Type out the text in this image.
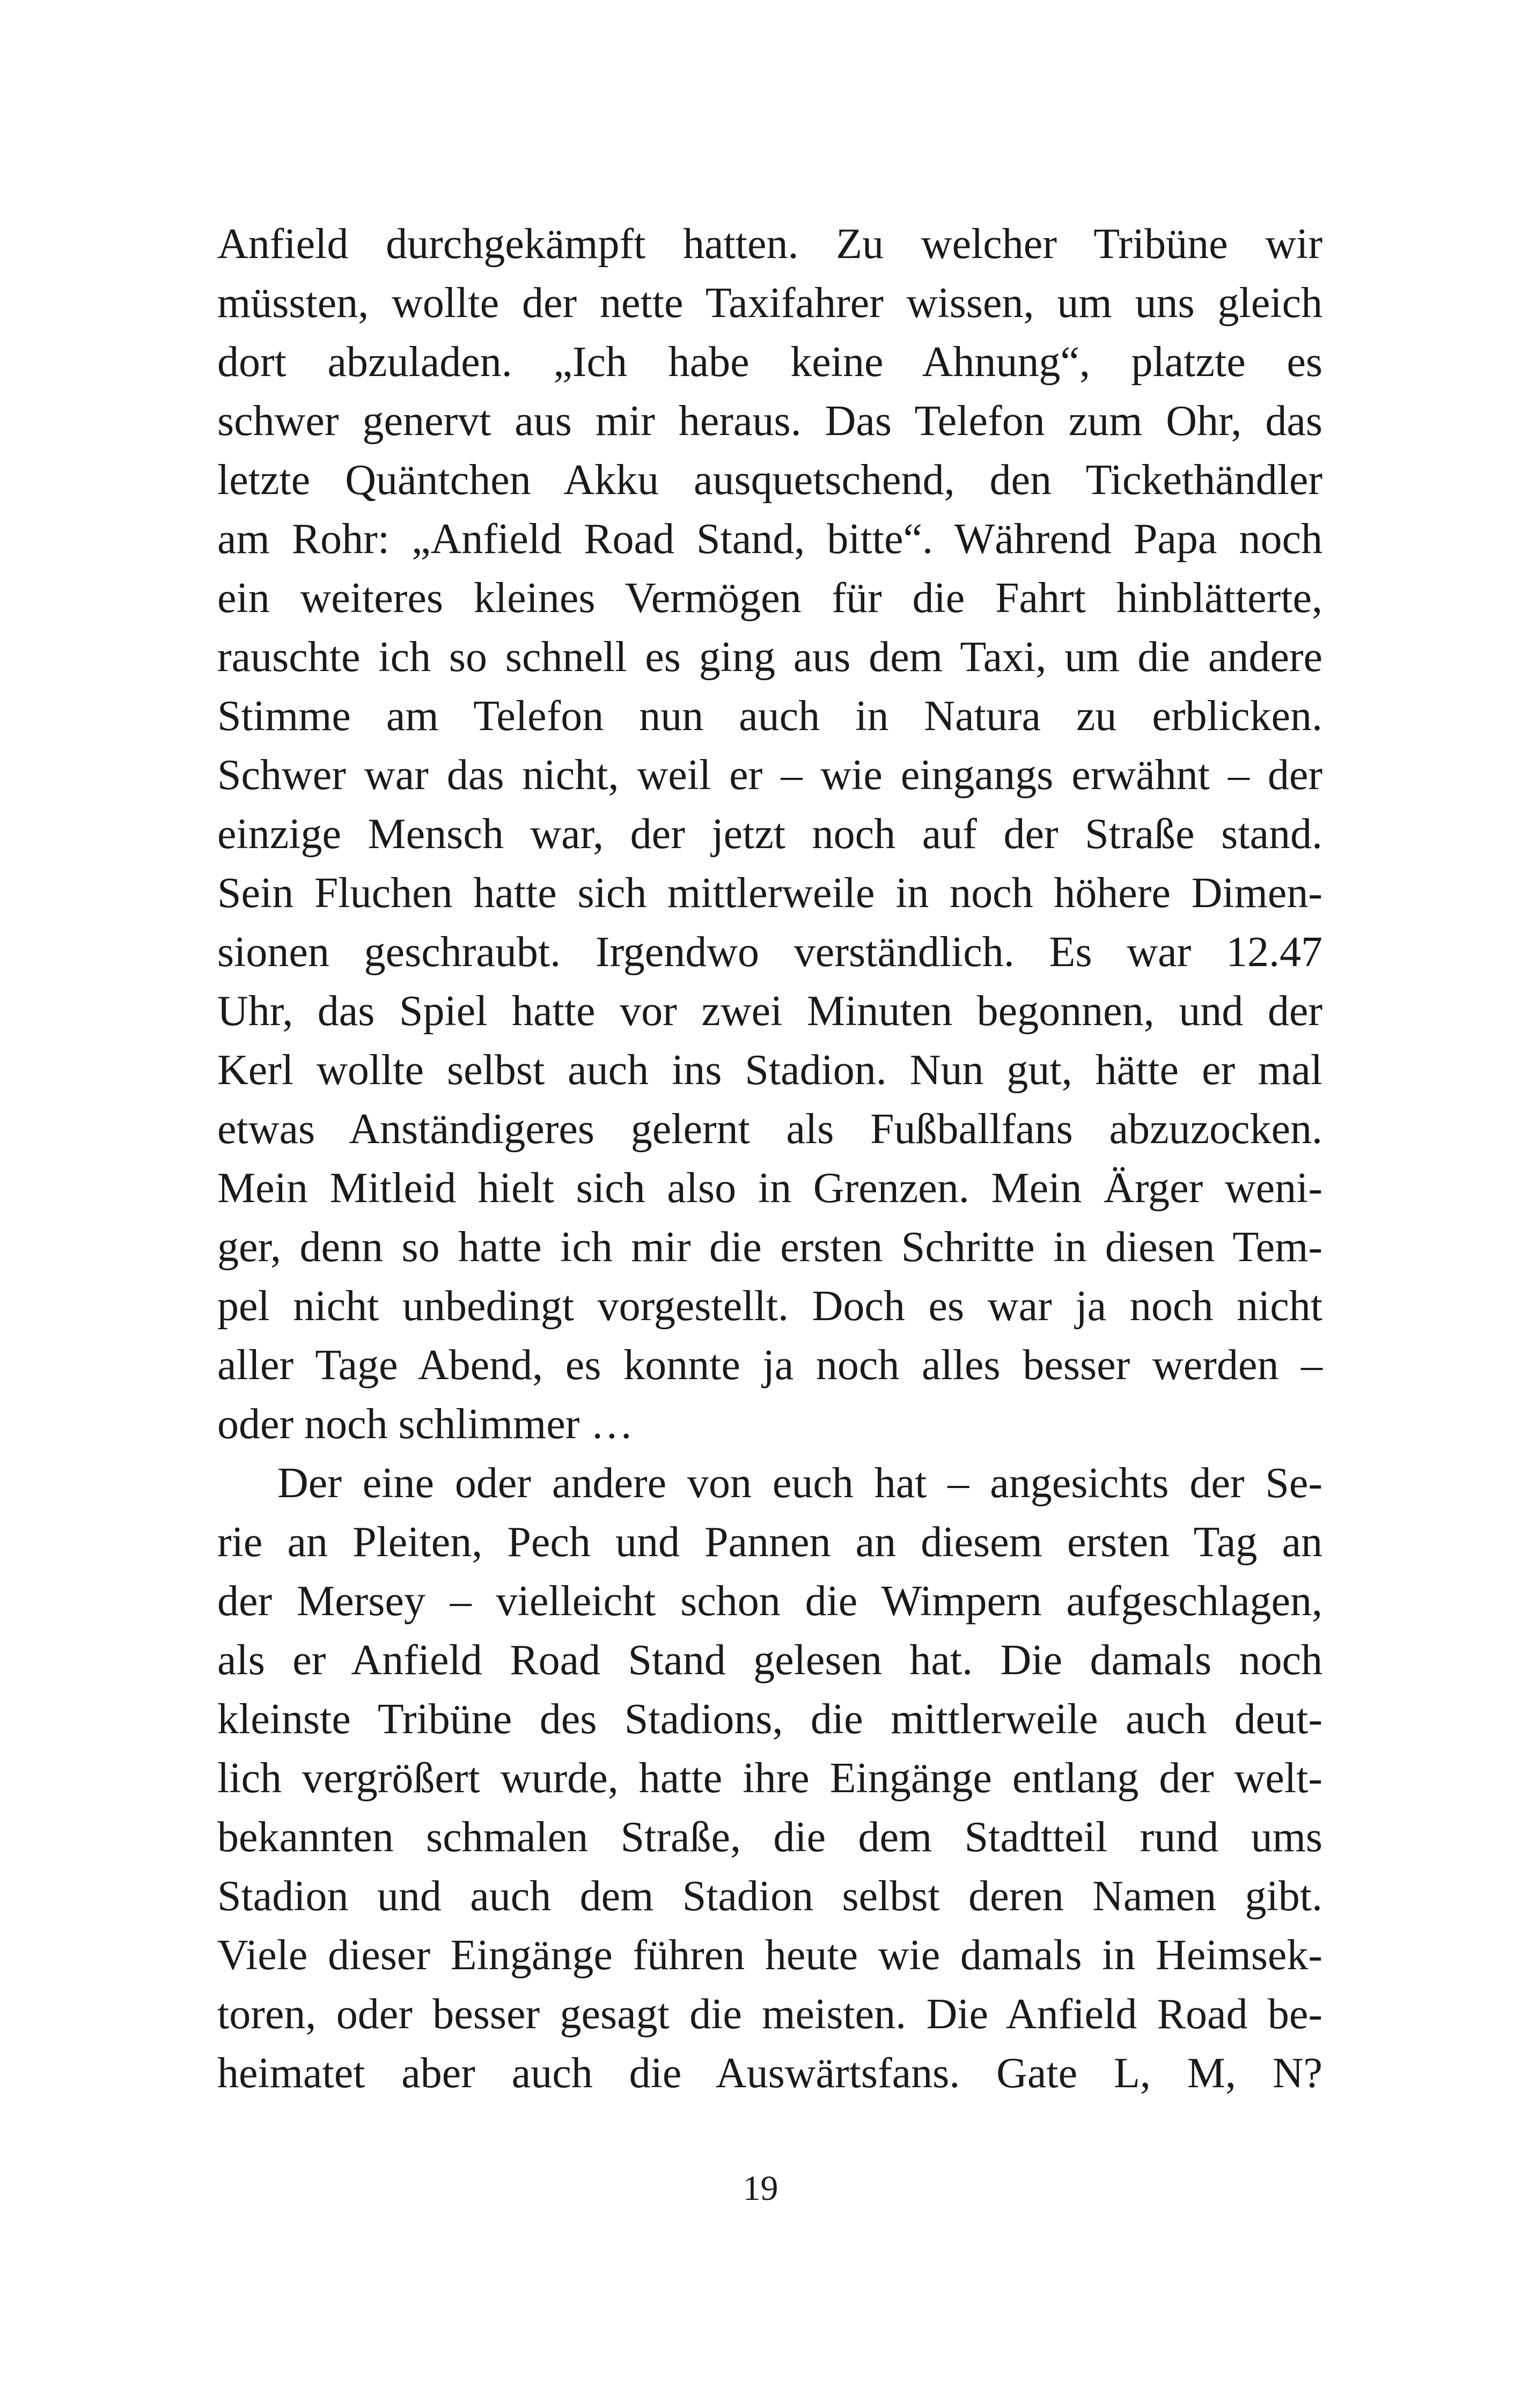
Anfield durchgekämpft hatten. Zu welcher Tribüne wir
müssten, wollte der nette Taxifahrer wissen, um uns gleich
dort abzuladen. „Ich habe keine Ahnung“, platzte es
schwer genervt aus mir heraus. Das Telefon zum Ohr, das
letzte Quäntchen Akku ausquetschend, den Tickethändler
am Rohr: „Anfield Road Stand, bitte“. Während Papa noch
ein weiteres kleines Vermögen für die Fahrt hinblätterte,
rauschte ich so schnell es ging aus dem Taxi, um die andere
Stimme am Telefon nun auch in Natura zu erblicken.
Schwer war das nicht, weil er – wie eingangs erwähnt – der
einzige Mensch war, der jetzt noch auf der Straße stand.
Sein Fluchen hatte sich mittlerweile in noch höhere Dimen-
sionen geschraubt. Irgendwo verständlich. Es war 12.47
Uhr, das Spiel hatte vor zwei Minuten begonnen, und der
Kerl wollte selbst auch ins Stadion. Nun gut, hätte er mal
etwas Anständigeres gelernt als Fußballfans abzuzocken.
Mein Mitleid hielt sich also in Grenzen. Mein Ärger weni-
ger, denn so hatte ich mir die ersten Schritte in diesen Tem-
pel nicht unbedingt vorgestellt. Doch es war ja noch nicht
aller Tage Abend, es konnte ja noch alles besser werden –
oder noch schlimmer …
Der eine oder andere von euch hat – angesichts der Se-
rie an Pleiten, Pech und Pannen an diesem ersten Tag an
der Mersey – vielleicht schon die Wimpern aufgeschlagen,
als er Anfield Road Stand gelesen hat. Die damals noch
kleinste Tribüne des Stadions, die mittlerweile auch deut-
lich vergrößert wurde, hatte ihre Eingänge entlang der welt-
bekannten schmalen Straße, die dem Stadtteil rund ums
Stadion und auch dem Stadion selbst deren Namen gibt.
Viele dieser Eingänge führen heute wie damals in Heimsek-
toren, oder besser gesagt die meisten. Die Anfield Road be-
heimatet aber auch die Auswärtsfans. Gate L, M, N?
19
